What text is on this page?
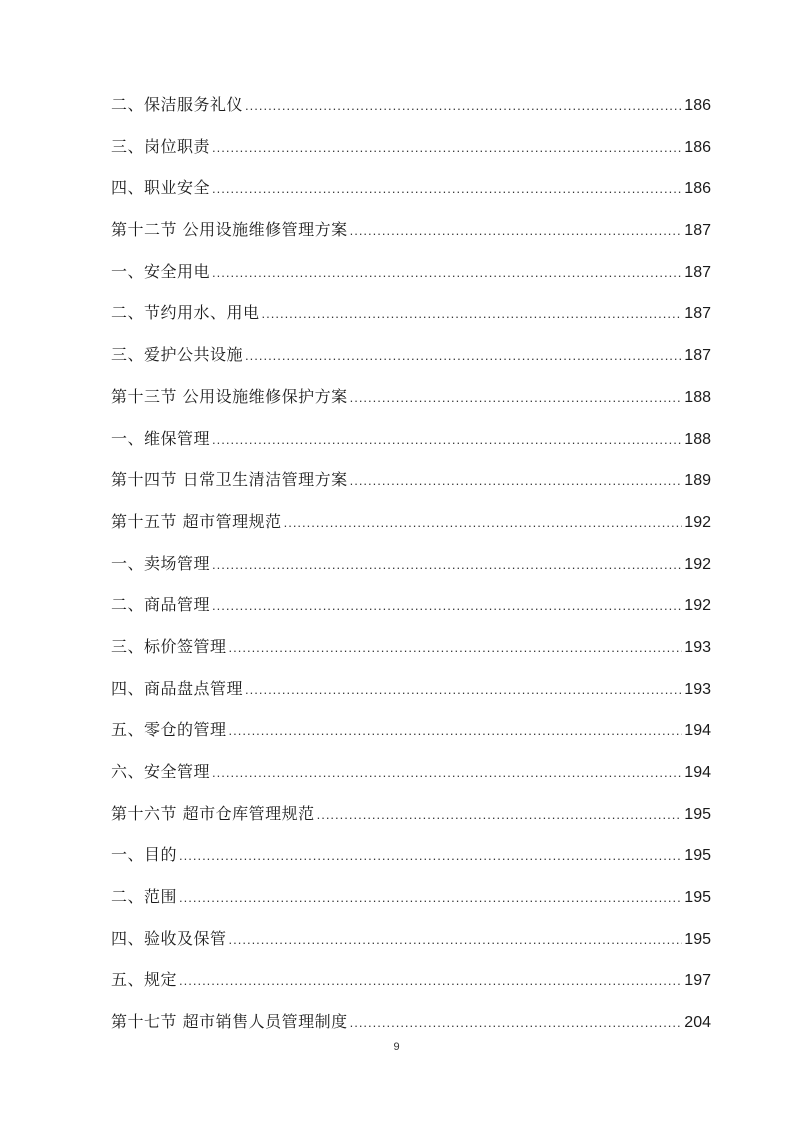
二、保洁服务礼仪 .....	186
三、岗位职责 .....	186
四、职业安全 .....	186
第十二节 公用设施维修管理方案 .....	187
一、安全用电 .....	187
二、节约用水、用电 .....	187
三、爱护公共设施 .....	187
第十三节 公用设施维修保护方案 .....	188
一、维保管理 .....	188
第十四节 日常卫生清洁管理方案 .....	189
第十五节 超市管理规范 .....	192
一、卖场管理 .....	192
二、商品管理 .....	192
三、标价签管理 .....	193
四、商品盘点管理 .....	193
五、零仓的管理 .....	194
六、安全管理 .....	194
第十六节 超市仓库管理规范 .....	195
一、目的 .....	195
二、范围 .....	195
四、验收及保管 .....	195
五、规定 .....	197
第十七节 超市销售人员管理制度 .....	204
9
